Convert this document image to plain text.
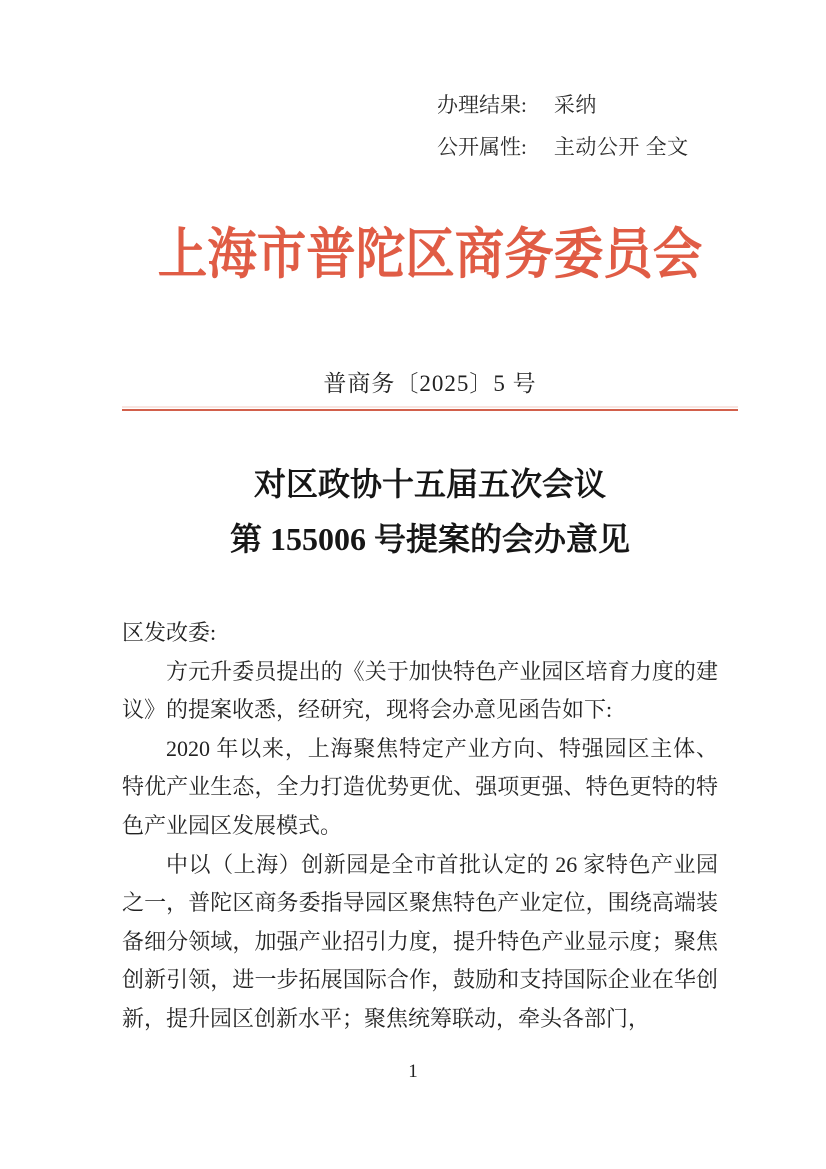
办理结果: 采纳
公开属性: 主动公开 全文
上海市普陀区商务委员会
普商务〔2025〕5 号
对区政协十五届五次会议
第 155006 号提案的会办意见

区发改委:

方元升委员提出的《关于加快特色产业园区培育力度的建议》的提案收悉，经研究，现将会办意见函告如下:

2020 年以来，上海聚焦特定产业方向、特强园区主体、特优产业生态，全力打造优势更优、强项更强、特色更特的特色产业园区发展模式。

中以（上海）创新园是全市首批认定的 26 家特色产业园之一，普陀区商务委指导园区聚焦特色产业定位，围绕高端装备细分领域，加强产业招引力度，提升特色产业显示度；聚焦创新引领，进一步拓展国际合作，鼓励和支持国际企业在华创新，提升园区创新水平；聚焦统筹联动，牵头各部门，

1
